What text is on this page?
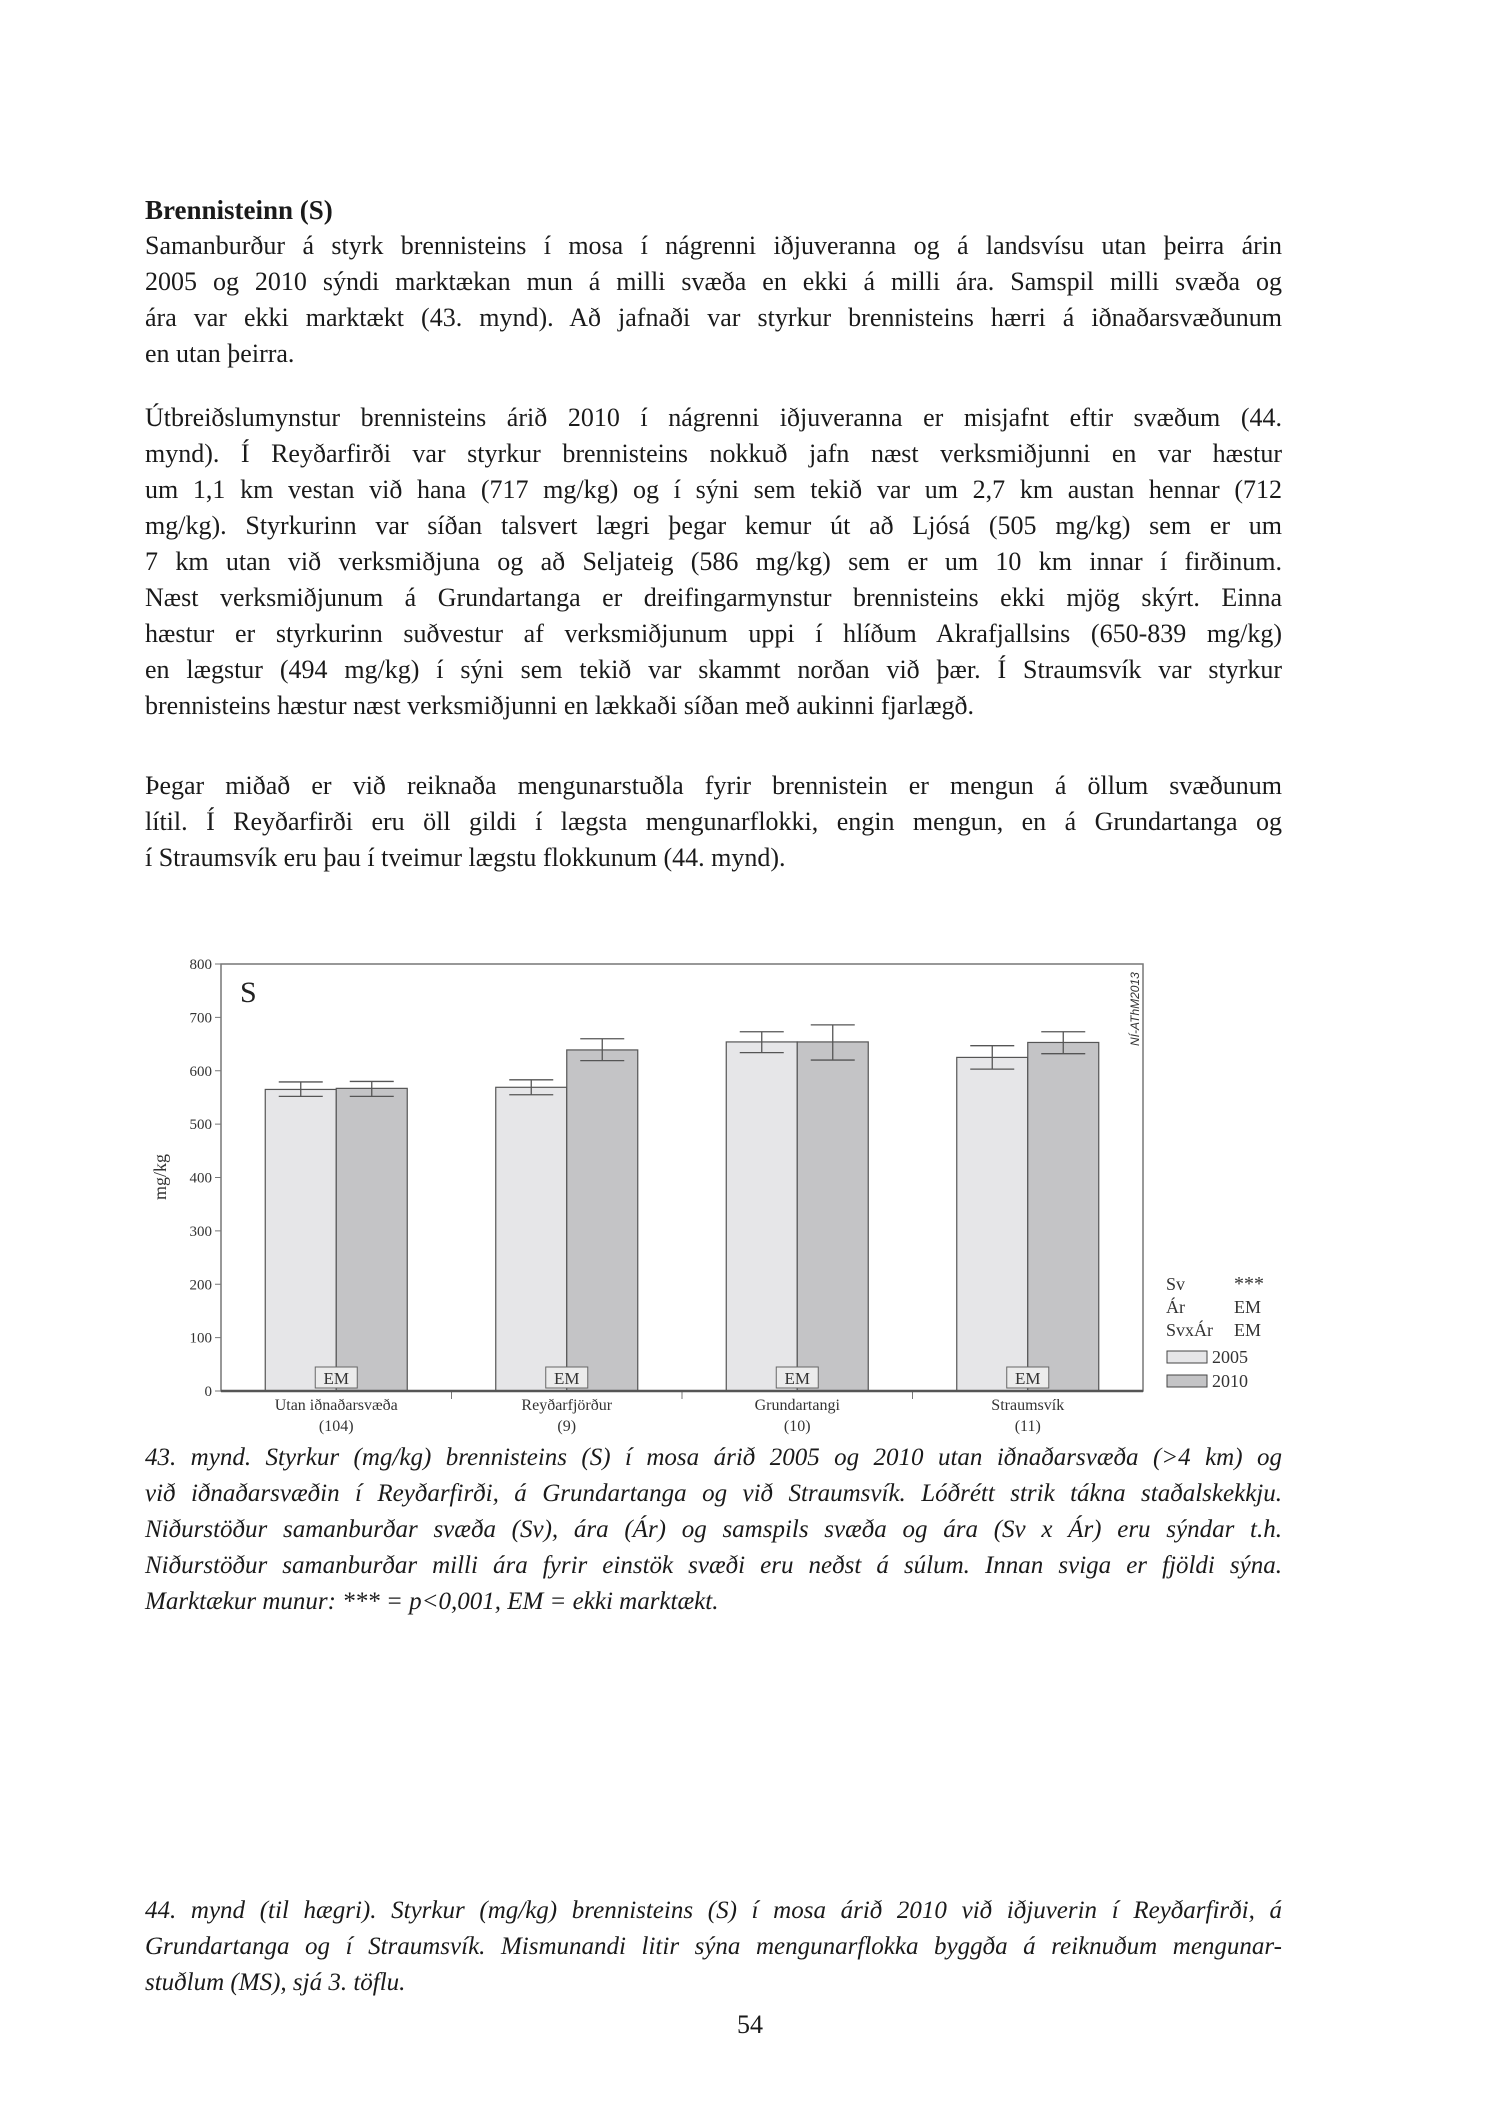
Brennisteinn (S)
Samanburður á styrk brennisteins í mosa í nágrenni iðjuveranna og á landsvísu utan þeirra árin
2005 og 2010 sýndi marktækan mun á milli svæða en ekki á milli ára. Samspil milli svæða og
ára var ekki marktækt (43. mynd). Að jafnaði var styrkur brennisteins hærri á iðnaðarsvæðunum
en utan þeirra.
Útbreiðslumynstur brennisteins árið 2010 í nágrenni iðjuveranna er misjafnt eftir svæðum (44.
mynd). Í Reyðarfirði var styrkur brennisteins nokkuð jafn næst verksmiðjunni en var hæstur
um 1,1 km vestan við hana (717 mg/kg) og í sýni sem tekið var um 2,7 km austan hennar (712
mg/kg). Styrkurinn var síðan talsvert lægri þegar kemur út að Ljósá (505 mg/kg) sem er um
7 km utan við verksmiðjuna og að Seljateig (586 mg/kg) sem er um 10 km innar í firðinum.
Næst verksmiðjunum á Grundartanga er dreifingarmynstur brennisteins ekki mjög skýrt. Einna
hæstur er styrkurinn suðvestur af verksmiðjunum uppi í hlíðum Akrafjallsins (650-839 mg/kg)
en lægstur (494 mg/kg) í sýni sem tekið var skammt norðan við þær. Í Straumsvík var styrkur
brennisteins hæstur næst verksmiðjunni en lækkaði síðan með aukinni fjarlægð.
Þegar miðað er við reiknaða mengunarstuðla fyrir brennistein er mengun á öllum svæðunum
lítil. Í Reyðarfirði eru öll gildi í lægsta mengunarflokki, engin mengun, en á Grundartanga og
í Straumsvík eru þau í tveimur lægstu flokkunum (44. mynd).
0
100
200
300
400
500
600
700
800
mg/kg
S	NÍ-AThM2013
EM
Utan iðnaðarsvæða
(104)
EM
Reyðarfjörður
(9)
EM
Grundartangi
(10)
EM
Straumsvík
(11)
Sv ***
Ár	EM
SvxÁr EM
2005
2010
43. mynd. Styrkur (mg/kg) brennisteins (S) í mosa árið 2005 og 2010 utan iðnaðarsvæða (>4 km) og
við iðnaðarsvæðin í Reyðarfirði, á Grundartanga og við Straumsvík. Lóðrétt strik tákna staðalskekkju.
Niðurstöður samanburðar svæða (Sv), ára (Ár) og samspils svæða og ára (Sv x Ár) eru sýndar t.h.
Niðurstöður samanburðar milli ára fyrir einstök svæði eru neðst á súlum. Innan sviga er fjöldi sýna.
Marktækur munur: *** = p<0,001, EM = ekki marktækt.
44. mynd (til hægri). Styrkur (mg/kg) brennisteins (S) í mosa árið 2010 við iðjuverin í Reyðarfirði, á
Grundartanga og í Straumsvík. Mismunandi litir sýna mengunarflokka byggða á reiknuðum mengunar-
stuðlum (MS), sjá 3. töflu.
54
